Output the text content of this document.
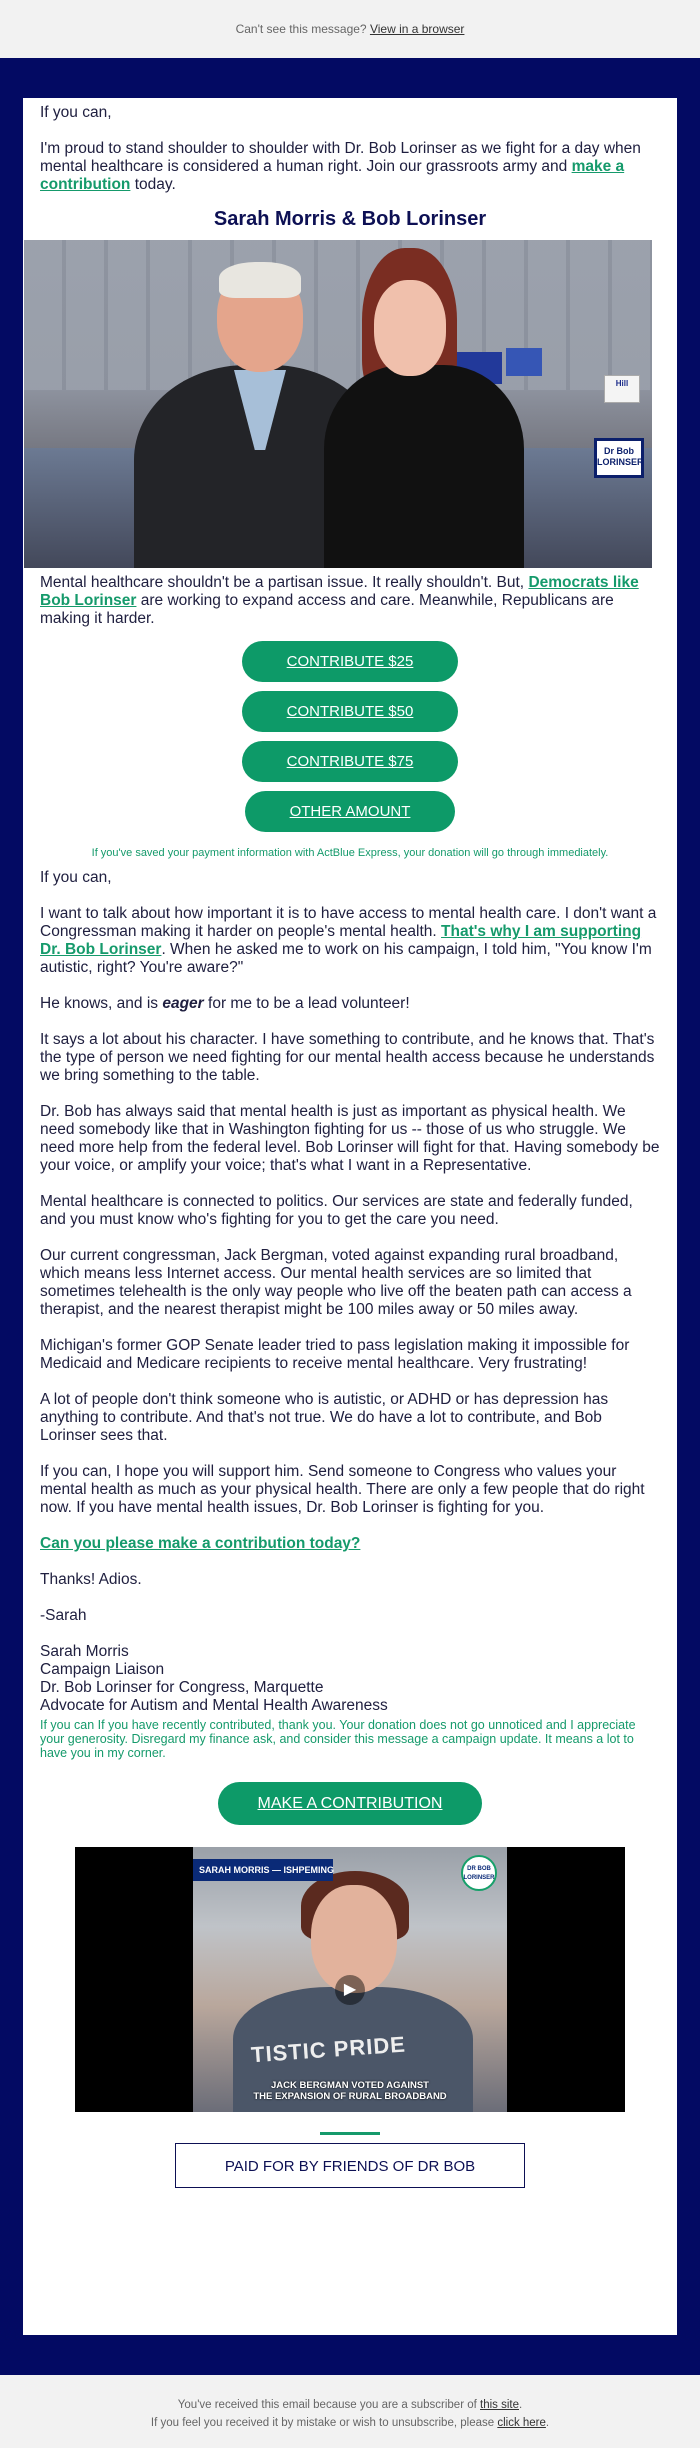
Can't see this message? View in a browser

If you can,

I'm proud to stand shoulder to shoulder with Dr. Bob Lorinser as we fight for a day when mental healthcare is considered a human right. Join our grassroots army and make a contribution today.

Sarah Morris & Bob Lorinser
Hill
Dr Bob LORINSER

Mental healthcare shouldn't be a partisan issue. It really shouldn't. But, Democrats like Bob Lorinser are working to expand access and care. Meanwhile, Republicans are making it harder.

CONTRIBUTE $25
CONTRIBUTE $50
CONTRIBUTE $75
OTHER AMOUNT
If you've saved your payment information with ActBlue Express, your donation will go through immediately.

If you can,

I want to talk about how important it is to have access to mental health care. I don't want a Congressman making it harder on people's mental health. That's why I am supporting Dr. Bob Lorinser. When he asked me to work on his campaign, I told him, "You know I'm autistic, right? You're aware?"

He knows, and is eager for me to be a lead volunteer!

It says a lot about his character. I have something to contribute, and he knows that. That's the type of person we need fighting for our mental health access because he understands we bring something to the table.

Dr. Bob has always said that mental health is just as important as physical health. We need somebody like that in Washington fighting for us -- those of us who struggle. We need more help from the federal level. Bob Lorinser will fight for that. Having somebody be your voice, or amplify your voice; that's what I want in a Representative.

Mental healthcare is connected to politics. Our services are state and federally funded, and you must know who's fighting for you to get the care you need.

Our current congressman, Jack Bergman, voted against expanding rural broadband, which means less Internet access. Our mental health services are so limited that sometimes telehealth is the only way people who live off the beaten path can access a therapist, and the nearest therapist might be 100 miles away or 50 miles away.

Michigan's former GOP Senate leader tried to pass legislation making it impossible for Medicaid and Medicare recipients to receive mental healthcare. Very frustrating!

A lot of people don't think someone who is autistic, or ADHD or has depression has anything to contribute. And that's not true. We do have a lot to contribute, and Bob Lorinser sees that.

If you can, I hope you will support him. Send someone to Congress who values your mental health as much as your physical health. There are only a few people that do right now. If you have mental health issues, Dr. Bob Lorinser is fighting for you.

Can you please make a contribution today?

Thanks! Adios.

-Sarah

Sarah Morris

Campaign Liaison

Dr. Bob Lorinser for Congress, Marquette

Advocate for Autism and Mental Health Awareness

If you can If you have recently contributed, thank you. Your donation does not go unnoticed and I appreciate your generosity. Disregard my finance ask, and consider this message a campaign update. It means a lot to have you in my corner.
MAKE A CONTRIBUTION
TISTIC PRIDE
SARAH MORRIS — ISHPEMING	DR BOB LORINSER
▶
JACK BERGMAN VOTED AGAINST
THE EXPANSION OF RURAL BROADBAND
PAID FOR BY FRIENDS OF DR BOB
You've received this email because you are a subscriber of this site.
If you feel you received it by mistake or wish to unsubscribe, please click here.
